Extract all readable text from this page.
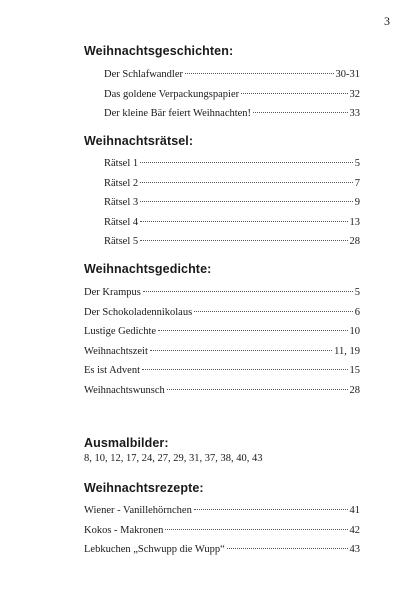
3
Weihnachtsgeschichten:
Der Schlafwandler	30-31
Das goldene Verpackungspapier	32
Der kleine Bär feiert Weihnachten!	33
Weihnachtsrätsel:
Rätsel 1	5
Rätsel 2	7
Rätsel 3	9
Rätsel 4	13
Rätsel 5	28
Weihnachtsgedichte:
Der Krampus	5
Der Schokoladennikolaus	6
Lustige Gedichte	10
Weihnachtszeit	11, 19
Es ist Advent	15
Weihnachtswunsch	28
Ausmalbilder:
8, 10, 12, 17, 24, 27, 29, 31, 37, 38, 40, 43
Weihnachtsrezepte:
Wiener - Vanillehörnchen	41
Kokos - Makronen	42
Lebkuchen „Schwupp die Wupp“	43
